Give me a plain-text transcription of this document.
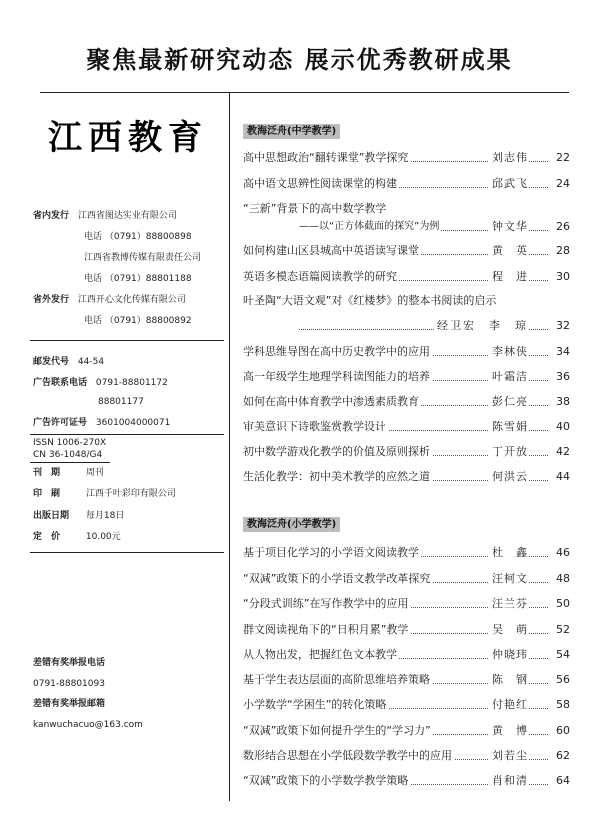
聚焦最新研究动态 展示优秀教研成果
江西教育
省内发行 江西省图达实业有限公司
电话 （0791）88800898
江西省教博传媒有限责任公司
电话 （0791）88801188
省外发行 江西开心文化传媒有限公司
电话 （0791）88800892
邮发代号 44-54
广告联系电话 0791-88801172
88801177
广告许可证号 3601004000071
ISSN 1006-270X
CN 36-1048/G4
刊　期	周刊
印　刷	江西千叶彩印有限公司
出版日期 每月18日
定　价	10.00元
差错有奖举报电话
0791-88801093
差错有奖举报邮箱
kanwuchacuo@163.com
教海泛舟(中学教学)
高中思想政治“翻转课堂”教学探究	刘志伟	22
高中语文思辨性阅读课堂的构建	邱武飞	24
“三新”背景下的高中数学教学
——以“正方体截面的探究”为例	钟文华	26
如何构建山区县城高中英语读写课堂	黄　英	28
英语多模态语篇阅读教学的研究	程　进	30
叶圣陶“大语文观”对《红楼梦》的整本书阅读的启示
经卫宏　李　琼	32
学科思维导图在高中历史教学中的应用	李林侠	34
高一年级学生地理学科读图能力的培养	叶霜洁	36
如何在高中体育教学中渗透素质教育	彭仁亮	38
审美意识下诗歌鉴赏教学设计	陈雪娟	40
初中数学游戏化教学的价值及原则探析	丁开放	42
生活化教学：初中美术教学的应然之道	何洪云	44
教海泛舟(小学教学)
基于项目化学习的小学语文阅读教学	杜　鑫	46
“双减”政策下的小学语文教学改革探究	汪柯文	48
“分段式训练”在写作教学中的应用	汪兰芬	50
群文阅读视角下的“日积月累”教学	吴　萌	52
从人物出发，把握红色文本教学	仲晓玮	54
基于学生表达层面的高阶思维培养策略	陈　钢	56
小学数学“学困生”的转化策略	付艳红	58
“双减”政策下如何提升学生的“学习力”	黄　博	60
数形结合思想在小学低段数学教学中的应用	刘若尘	62
“双减”政策下的小学数学教学策略	肖和清	64
